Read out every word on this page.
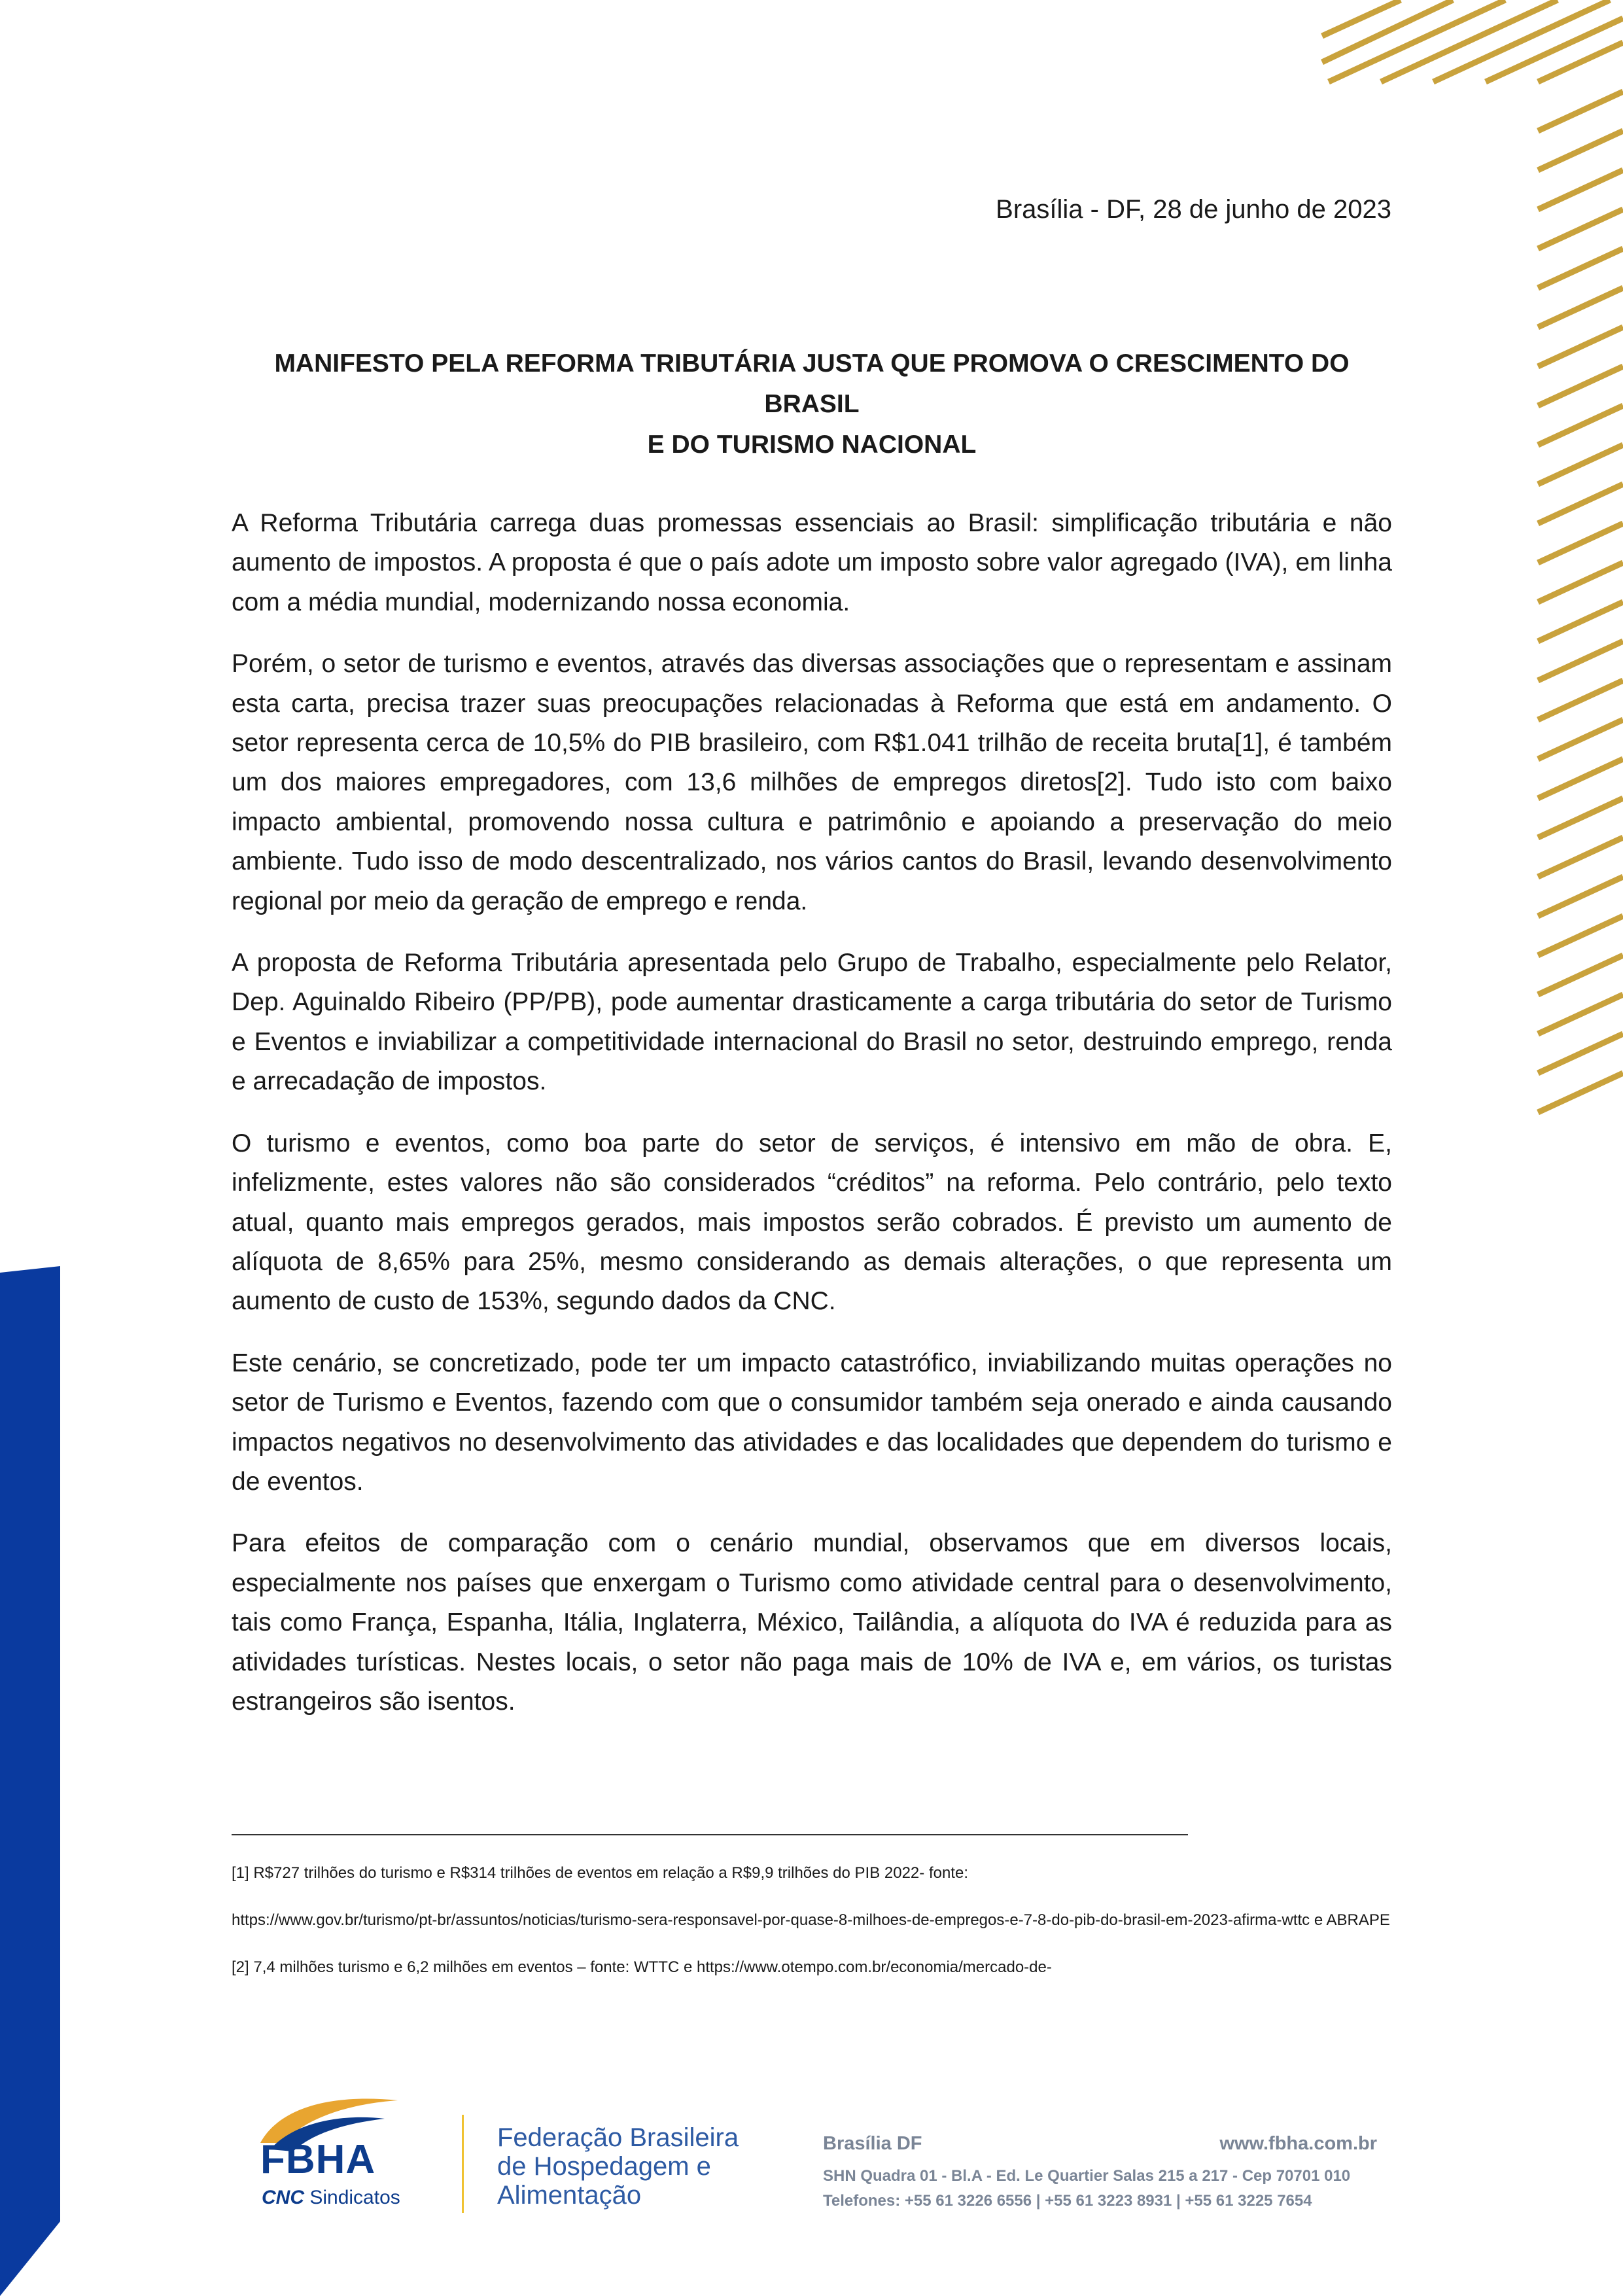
Brasília - DF, 28 de junho de 2023
MANIFESTO PELA REFORMA TRIBUTÁRIA JUSTA QUE PROMOVA O CRESCIMENTO DO BRASIL
E DO TURISMO NACIONAL

A Reforma Tributária carrega duas promessas essenciais ao Brasil: simplificação tributária e não aumento de impostos. A proposta é que o país adote um imposto sobre valor agregado (IVA), em linha com a média mundial, modernizando nossa economia.

Porém, o setor de turismo e eventos, através das diversas associações que o representam e assinam esta carta, precisa trazer suas preocupações relacionadas à Reforma que está em andamento. O setor representa cerca de 10,5% do PIB brasileiro, com R$1.041 trilhão de receita bruta[1], é também um dos maiores empregadores, com 13,6 milhões de empregos diretos[2]. Tudo isto com baixo impacto ambiental, promovendo nossa cultura e patrimônio e apoiando a preservação do meio ambiente. Tudo isso de modo descentralizado, nos vários cantos do Brasil, levando desenvolvimento regional por meio da geração de emprego e renda.

A proposta de Reforma Tributária apresentada pelo Grupo de Trabalho, especialmente pelo Relator, Dep. Aguinaldo Ribeiro (PP/PB), pode aumentar drasticamente a carga tributária do setor de Turismo e Eventos e inviabilizar a competitividade internacional do Brasil no setor, destruindo emprego, renda e arrecadação de impostos.

O turismo e eventos, como boa parte do setor de serviços, é intensivo em mão de obra. E, infelizmente, estes valores não são considerados “créditos” na reforma. Pelo contrário, pelo texto atual, quanto mais empregos gerados, mais impostos serão cobrados. É previsto um aumento de alíquota de 8,65% para 25%, mesmo considerando as demais alterações, o que representa um aumento de custo de 153%, segundo dados da CNC.

Este cenário, se concretizado, pode ter um impacto catastrófico, inviabilizando muitas operações no setor de Turismo e Eventos, fazendo com que o consumidor também seja onerado e ainda causando impactos negativos no desenvolvimento das atividades e das localidades que dependem do turismo e de eventos.

Para efeitos de comparação com o cenário mundial, observamos que em diversos locais, especialmente nos países que enxergam o Turismo como atividade central para o desenvolvimento, tais como França, Espanha, Itália, Inglaterra, México, Tailândia, a alíquota do IVA é reduzida para as atividades turísticas. Nestes locais, o setor não paga mais de 10% de IVA e, em vários, os turistas estrangeiros são isentos.

[1] R$727 trilhões do turismo e R$314 trilhões de eventos em relação a R$9,9 trilhões do PIB 2022- fonte:

https://www.gov.br/turismo/pt-br/assuntos/noticias/turismo-sera-responsavel-por-quase-8-milhoes-de-empregos-e-7-8-do-pib-do-brasil-em-2023-afirma-wttc e ABRAPE

[2] 7,4 milhões turismo e 6,2 milhões em eventos – fonte: WTTC e https://www.otempo.com.br/economia/mercado-de-

FBHA
CNC Sindicatos
Federação Brasileira
de Hospedagem e
Alimentação
Brasília DF	www.fbha.com.br
SHN Quadra 01 - Bl.A - Ed. Le Quartier Salas 215 a 217 - Cep 70701 010
Telefones: +55 61 3226 6556 | +55 61 3223 8931 | +55 61 3225 7654
